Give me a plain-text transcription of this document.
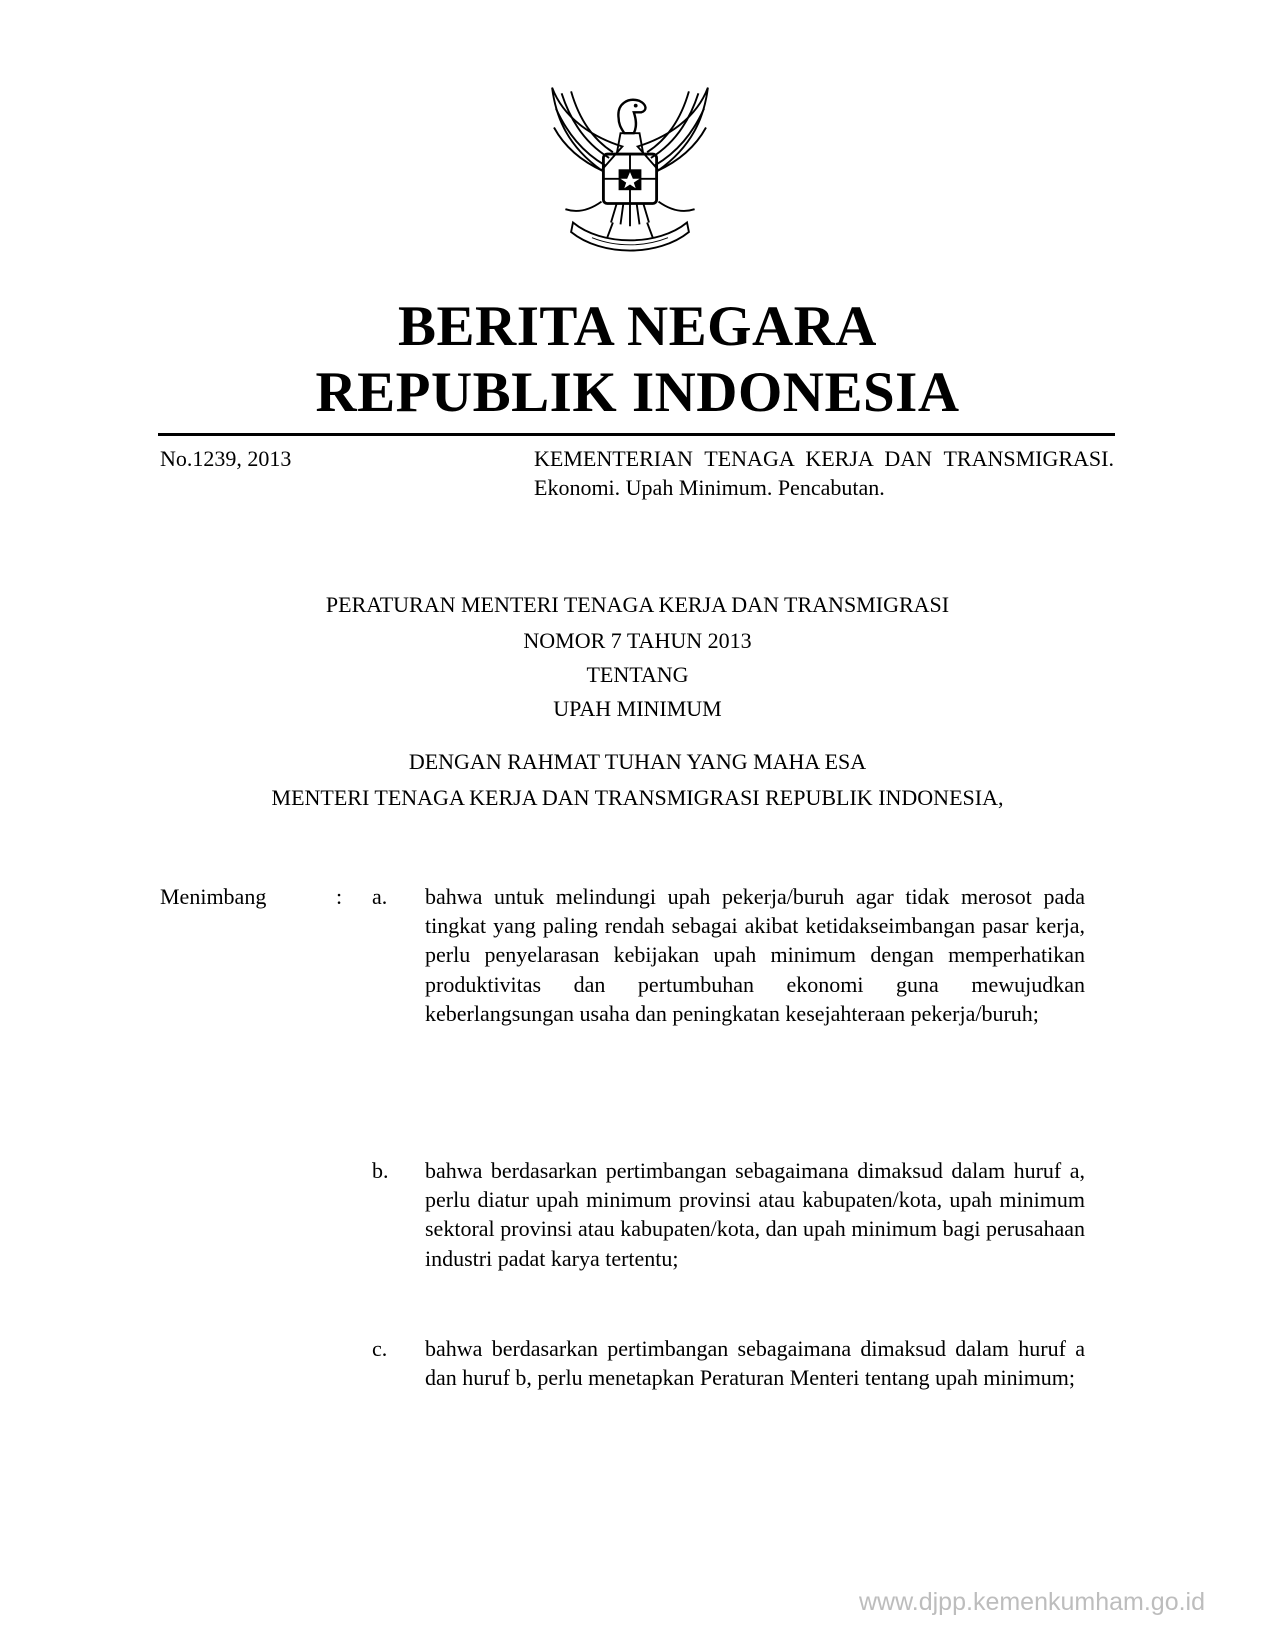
BERITA NEGARA
REPUBLIK INDONESIA
No.1239, 2013	KEMENTERIAN TENAGA KERJA DAN TRANSMIGRASI. Ekonomi. Upah Minimum. Pencabutan.
PERATURAN MENTERI TENAGA KERJA DAN TRANSMIGRASI
NOMOR 7 TAHUN 2013
TENTANG
UPAH MINIMUM
DENGAN RAHMAT TUHAN YANG MAHA ESA
MENTERI TENAGA KERJA DAN TRANSMIGRASI REPUBLIK INDONESIA,
Menimbang	: a. bahwa untuk melindungi upah pekerja/buruh agar tidak merosot pada tingkat yang paling rendah sebagai akibat ketidakseimbangan pasar kerja, perlu penyelarasan kebijakan upah minimum dengan memperhatikan produktivitas dan pertumbuhan ekonomi guna mewujudkan keberlangsungan usaha dan peningkatan kesejahteraan pekerja/buruh;
b. bahwa berdasarkan pertimbangan sebagaimana dimaksud dalam huruf a, perlu diatur upah minimum provinsi atau kabupaten/kota, upah minimum sektoral provinsi atau kabupaten/kota, dan upah minimum bagi perusahaan industri padat karya tertentu;
c. bahwa berdasarkan pertimbangan sebagaimana dimaksud dalam huruf a dan huruf b, perlu menetapkan Peraturan Menteri tentang upah minimum;
www.djpp.kemenkumham.go.id
